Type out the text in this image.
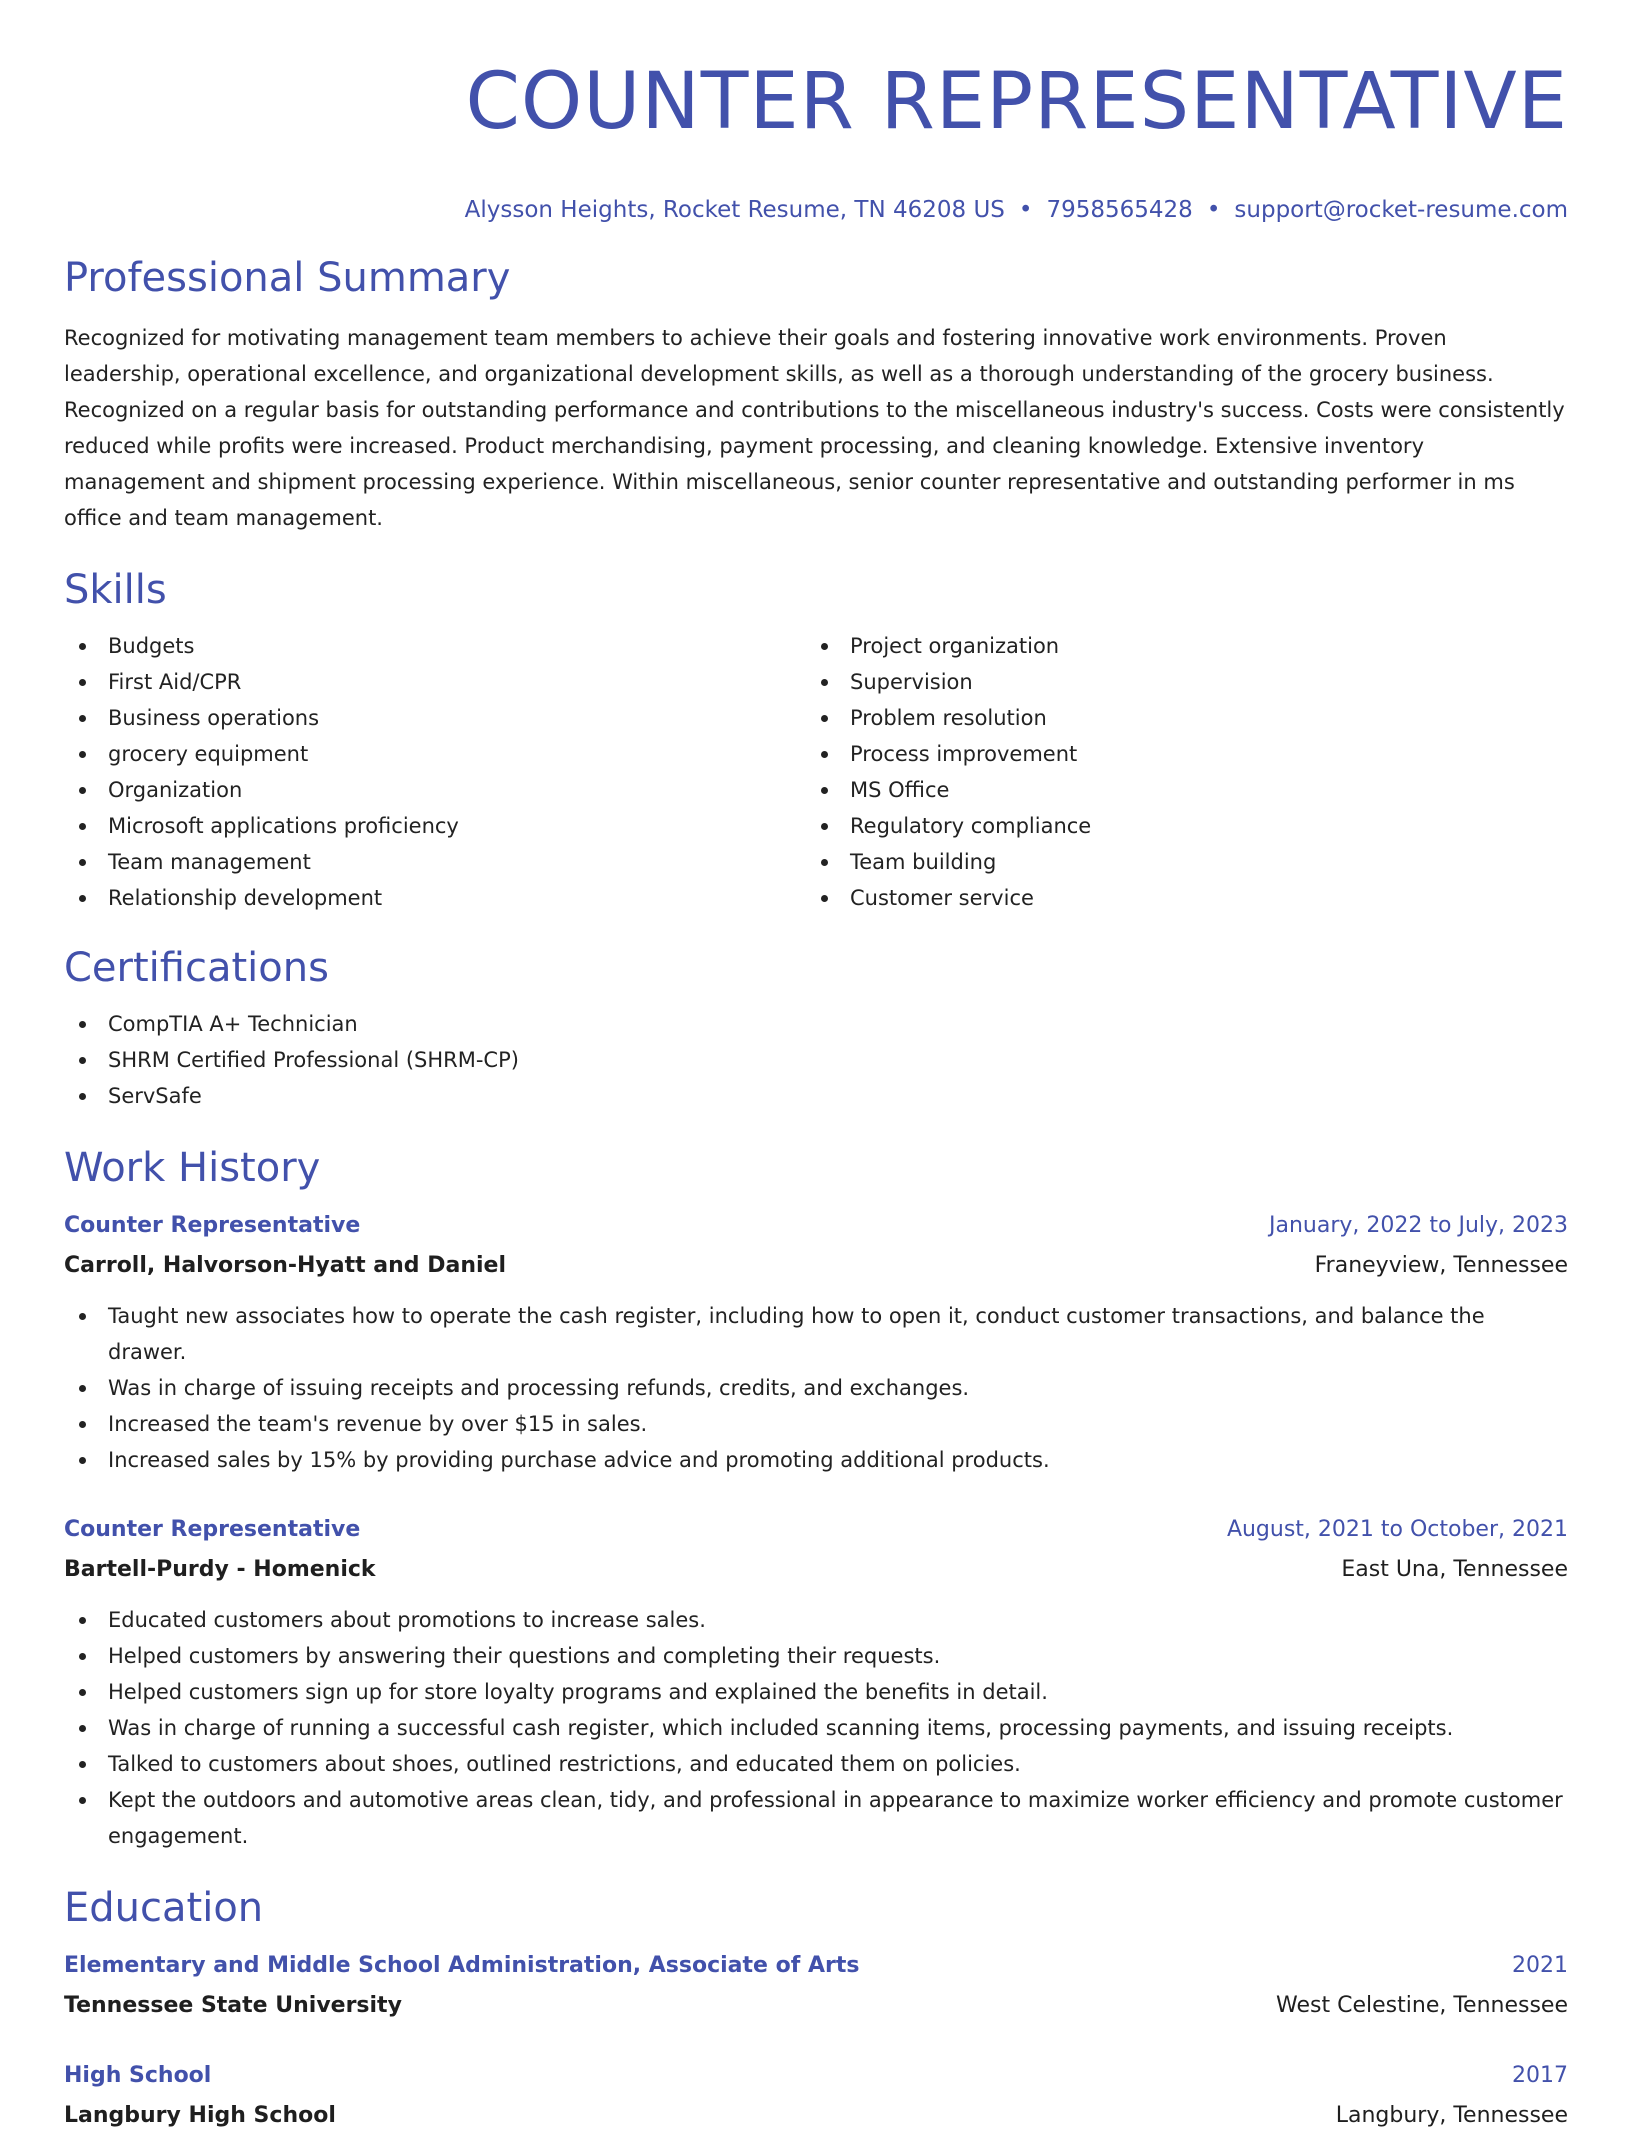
COUNTER REPRESENTATIVE
Alysson Heights, Rocket Resume, TN 46208 US • 7958565428 • support@rocket-resume.com
Professional Summary

Recognized for motivating management team members to achieve their goals and fostering innovative work environments. Proven leadership, operational excellence, and organizational development skills, as well as a thorough understanding of the grocery business. Recognized on a regular basis for outstanding performance and contributions to the miscellaneous industry's success. Costs were consistently reduced while profits were increased. Product merchandising, payment processing, and cleaning knowledge. Extensive inventory management and shipment processing experience. Within miscellaneous, senior counter representative and outstanding performer in ms office and team management.

Skills
Budgets
First Aid/CPR
Business operations
grocery equipment
Organization
Microsoft applications proficiency
Team management
Relationship development
Project organization
Supervision
Problem resolution
Process improvement
MS Office
Regulatory compliance
Team building
Customer service
Certifications
CompTIA A+ Technician
SHRM Certified Professional (SHRM-CP)
ServSafe
Work History
Counter Representative	January, 2022 to July, 2023
Carroll, Halvorson-Hyatt and Daniel	Franeyview, Tennessee
Taught new associates how to operate the cash register, including how to open it, conduct customer transactions, and balance the drawer.
Was in charge of issuing receipts and processing refunds, credits, and exchanges.
Increased the team's revenue by over $15 in sales.
Increased sales by 15% by providing purchase advice and promoting additional products.
Counter Representative	August, 2021 to October, 2021
Bartell-Purdy - Homenick	East Una, Tennessee
Educated customers about promotions to increase sales.
Helped customers by answering their questions and completing their requests.
Helped customers sign up for store loyalty programs and explained the benefits in detail.
Was in charge of running a successful cash register, which included scanning items, processing payments, and issuing receipts.
Talked to customers about shoes, outlined restrictions, and educated them on policies.
Kept the outdoors and automotive areas clean, tidy, and professional in appearance to maximize worker efficiency and promote customer engagement.
Education
Elementary and Middle School Administration, Associate of Arts	2021
Tennessee State University	West Celestine, Tennessee
High School	2017
Langbury High School	Langbury, Tennessee
